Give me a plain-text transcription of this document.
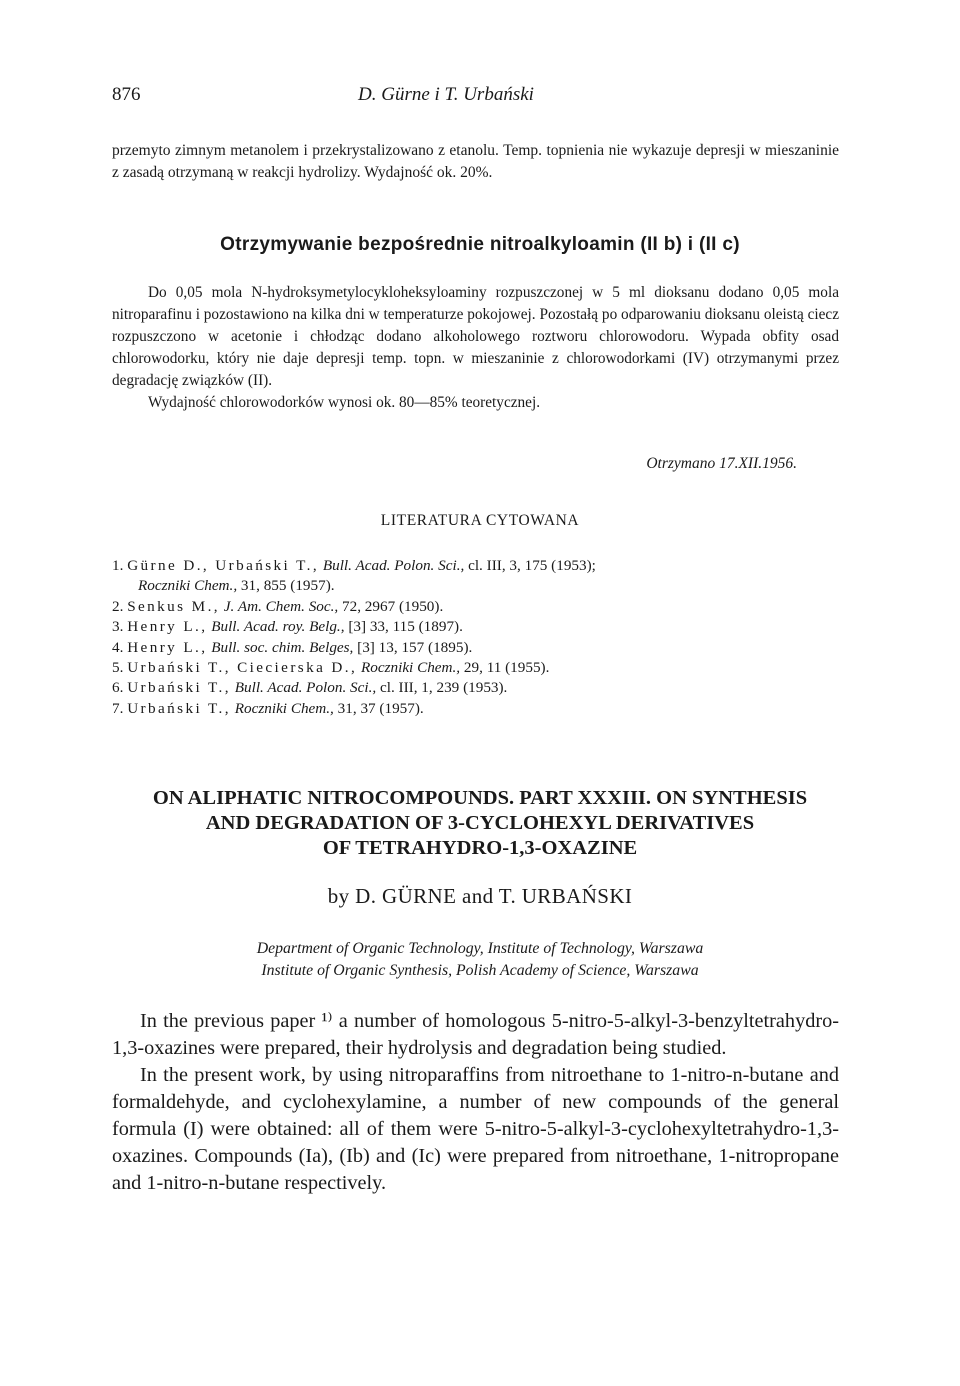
876	D. Gürne i T. Urbański
przemyto zimnym metanolem i przekrystalizowano z etanolu. Temp. topnienia nie wykazuje depresji w mieszaninie z zasadą otrzymaną w reakcji hydrolizy. Wydajność ok. 20%.
Otrzymywanie bezpośrednie nitroalkyloamin (II b) i (II c)

Do 0,05 mola N-hydroksymetylocykloheksyloaminy rozpuszczonej w 5 ml dioksanu dodano 0,05 mola nitroparafinu i pozostawiono na kilka dni w temperaturze pokojowej. Pozostałą po odparowaniu dioksanu oleistą ciecz rozpuszczono w acetonie i chłodząc dodano alkoholowego roztworu chlorowodoru. Wypada obfity osad chlorowodorku, który nie daje depresji temp. topn. w mieszaninie z chlorowodorkami (IV) otrzymanymi przez degradację związków (II).

Wydajność chlorowodorków wynosi ok. 80—85% teoretycznej.

Otrzymano 17.XII.1956.
LITERATURA CYTOWANA
1. Gürne D., Urbański T., Bull. Acad. Polon. Sci., cl. III, 3, 175 (1953);
Roczniki Chem., 31, 855 (1957).
2. Senkus M., J. Am. Chem. Soc., 72, 2967 (1950).
3. Henry L., Bull. Acad. roy. Belg., [3] 33, 115 (1897).
4. Henry L., Bull. soc. chim. Belges, [3] 13, 157 (1895).
5. Urbański T., Ciecierska D., Roczniki Chem., 29, 11 (1955).
6. Urbański T., Bull. Acad. Polon. Sci., cl. III, 1, 239 (1953).
7. Urbański T., Roczniki Chem., 31, 37 (1957).
ON ALIPHATIC NITROCOMPOUNDS. PART XXXIII. ON SYNTHESIS
AND DEGRADATION OF 3-CYCLOHEXYL DERIVATIVES
OF TETRAHYDRO-1,3-OXAZINE
by D. GÜRNE and T. URBAŃSKI
Department of Organic Technology, Institute of Technology, Warszawa
Institute of Organic Synthesis, Polish Academy of Science, Warszawa

In the previous paper ¹⁾ a number of homologous 5-nitro-5-alkyl-3-benzyltetrahydro-1,3-oxazines were prepared, their hydrolysis and degradation being studied.

In the present work, by using nitroparaffins from nitroethane to 1-nitro-n-butane and formaldehyde, and cyclohexylamine, a number of new compounds of the general formula (I) were obtained: all of them were 5-nitro-5-alkyl-3-cyclohexyltetrahydro-1,3-oxazines. Compounds (Ia), (Ib) and (Ic) were prepared from nitroethane, 1-nitropropane and 1-nitro-n-butane respectively.
